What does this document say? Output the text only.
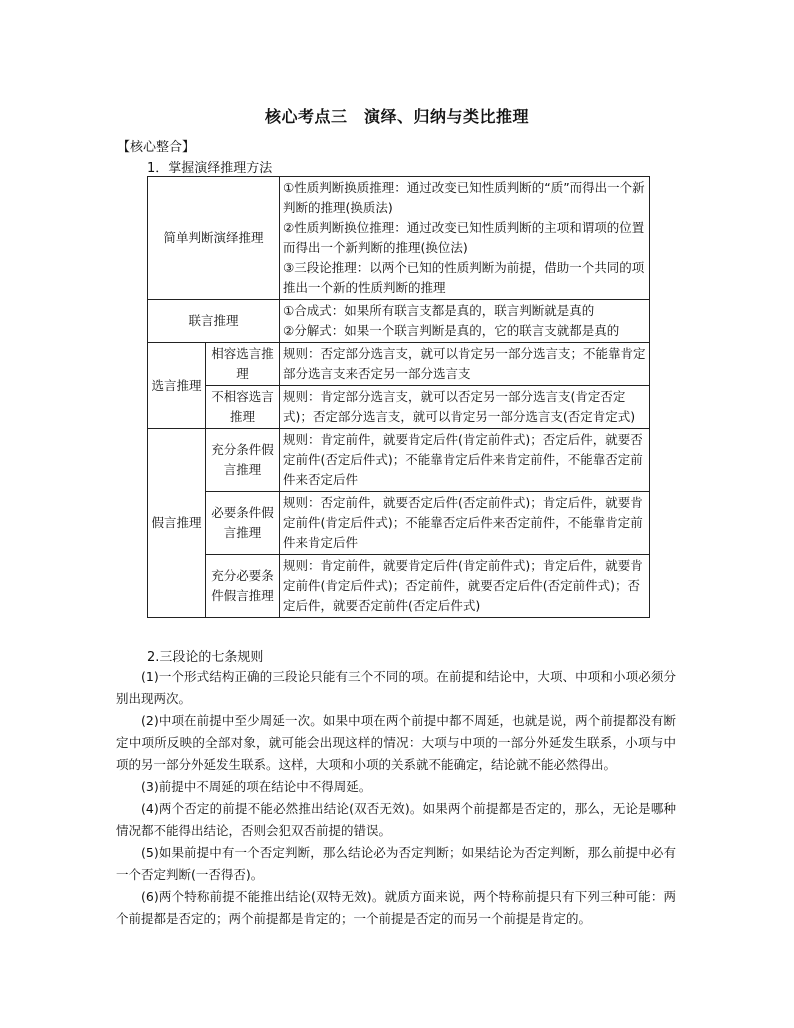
核心考点三　演绎、归纳与类比推理
【核心整合】
1．掌握演绎推理方法
简单判断演绎推理		①性质判断换质推理：通过改变已知性质判断的“质”而得出一个新判断的推理(换质法)
②性质判断换位推理：通过改变已知性质判断的主项和谓项的位置而得出一个新判断的推理(换位法)
③三段论推理：以两个已知的性质判断为前提，借助一个共同的项推出一个新的性质判断的推理

联言推理		①合成式：如果所有联言支都是真的，联言判断就是真的
②分解式：如果一个联言判断是真的，它的联言支就都是真的

选言推理	相容选言推理	规则：否定部分选言支，就可以肯定另一部分选言支；不能靠肯定部分选言支来否定另一部分选言支
	不相容选言推理	规则：肯定部分选言支，就可以否定另一部分选言支(肯定否定式)；否定部分选言支，就可以肯定另一部分选言支(否定肯定式)
假言推理	充分条件假言推理	规则：肯定前件，就要肯定后件(肯定前件式)；否定后件，就要否定前件(否定后件式)；不能靠肯定后件来肯定前件，不能靠否定前件来否定后件
	必要条件假言推理	规则：否定前件，就要否定后件(否定前件式)；肯定后件，就要肯定前件(肯定后件式)；不能靠否定后件来否定前件，不能靠肯定前件来肯定后件
	充分必要条件假言推理	规则：肯定前件，就要肯定后件(肯定前件式)；肯定后件，就要肯定前件(肯定后件式)；否定前件，就要否定后件(否定前件式)；否定后件，就要否定前件(否定后件式)
2.三段论的七条规则

(1)一个形式结构正确的三段论只能有三个不同的项。在前提和结论中，大项、中项和小项必须分别出现两次。

(2)中项在前提中至少周延一次。如果中项在两个前提中都不周延，也就是说，两个前提都没有断定中项所反映的全部对象，就可能会出现这样的情况：大项与中项的一部分外延发生联系，小项与中项的另一部分外延发生联系。这样，大项和小项的关系就不能确定，结论就不能必然得出。

(3)前提中不周延的项在结论中不得周延。

(4)两个否定的前提不能必然推出结论(双否无效)。如果两个前提都是否定的，那么，无论是哪种情况都不能得出结论，否则会犯双否前提的错误。

(5)如果前提中有一个否定判断，那么结论必为否定判断；如果结论为否定判断，那么前提中必有一个否定判断(一否得否)。

(6)两个特称前提不能推出结论(双特无效)。就质方面来说，两个特称前提只有下列三种可能：两个前提都是否定的；两个前提都是肯定的；一个前提是否定的而另一个前提是肯定的。
